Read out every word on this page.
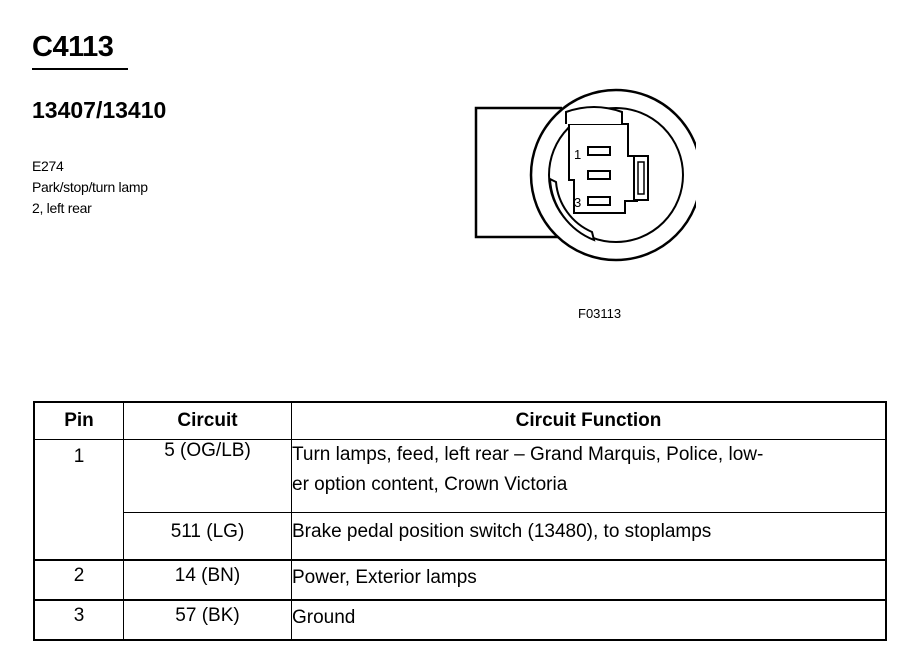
C4113
13407/13410
E274
Park/stop/turn lamp
2, left rear
1
3
F03113
Pin	Circuit	Circuit Function
1	5 (OG/LB)	Turn lamps, feed, left rear – Grand Marquis, Police, low-
er option content, Crown Victoria

	511 (LG)	Brake pedal position switch (13480), to stoplamps

2	14 (BN)	Power, Exterior lamps

3	57 (BK)	Ground
